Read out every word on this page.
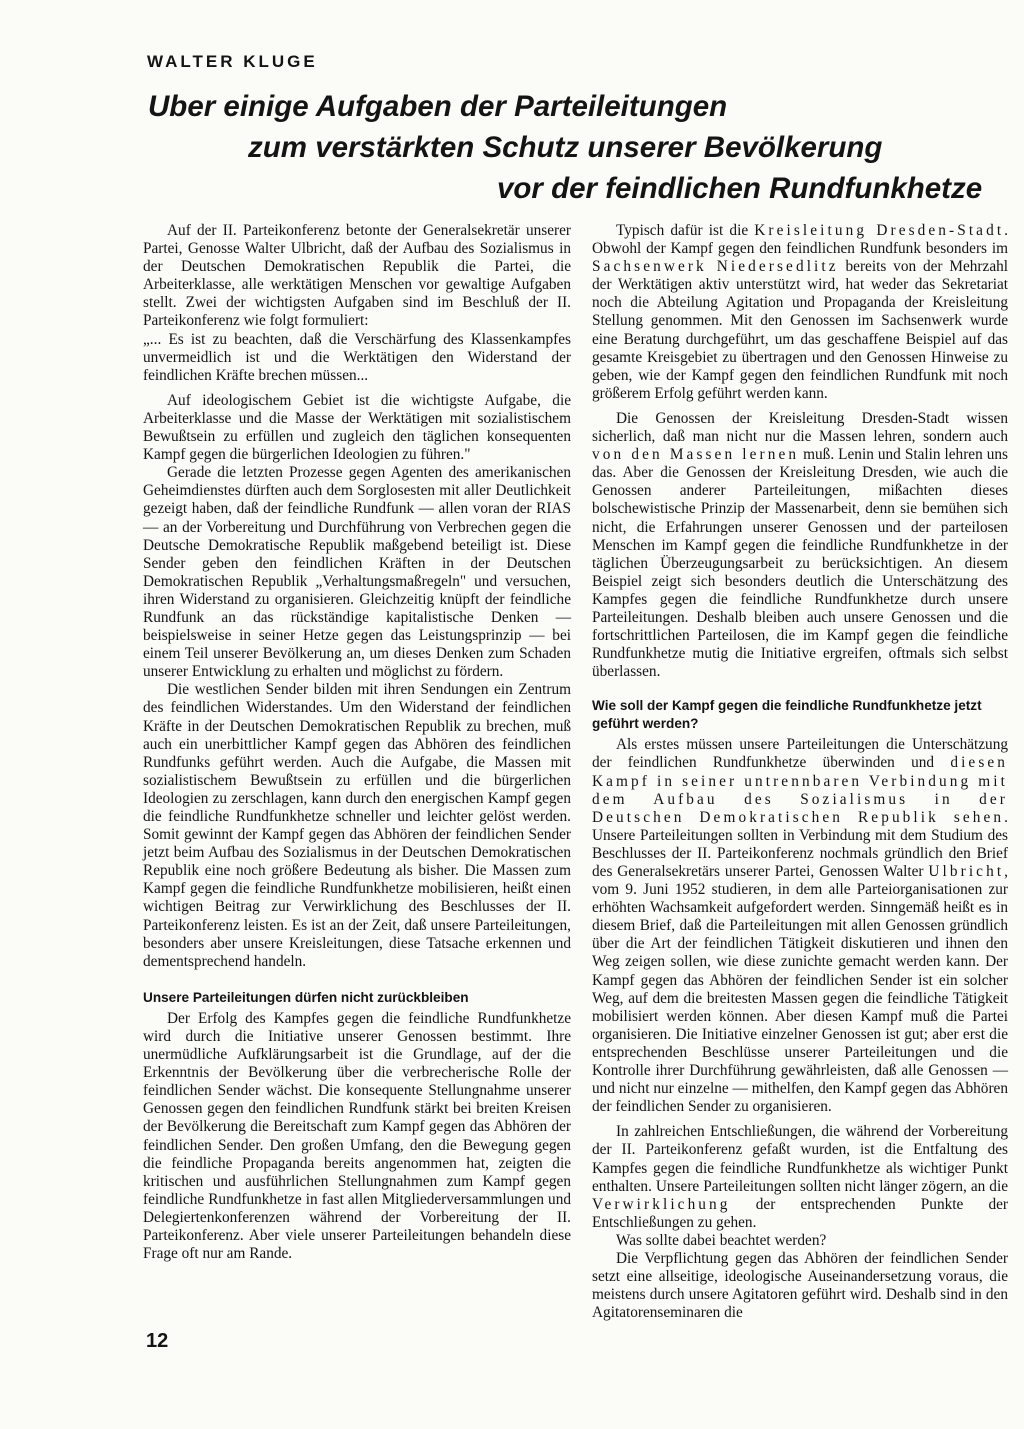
WALTER KLUGE
Uber einige Aufgaben der Parteileitungen
zum verstärkten Schutz unserer Bevölkerung
vor der feindlichen Rundfunkhetze

Auf der II. Parteikonferenz betonte der Generalsekretär unserer Partei, Genosse Walter Ulbricht, daß der Aufbau des Sozialismus in der Deutschen Demokratischen Republik die Partei, die Arbeiterklasse, alle werktätigen Menschen vor gewaltige Aufgaben stellt. Zwei der wichtigsten Aufgaben sind im Beschluß der II. Parteikonferenz wie folgt formuliert:

„... Es ist zu beachten, daß die Verschärfung des Klassenkampfes unvermeidlich ist und die Werktätigen den Widerstand der feindlichen Kräfte brechen müssen...

Auf ideologischem Gebiet ist die wichtigste Aufgabe, die Arbeiterklasse und die Masse der Werktätigen mit sozialistischem Bewußtsein zu erfüllen und zugleich den täglichen konsequenten Kampf gegen die bürgerlichen Ideologien zu führen."

Gerade die letzten Prozesse gegen Agenten des amerikanischen Geheimdienstes dürften auch dem Sorglosesten mit aller Deutlichkeit gezeigt haben, daß der feindliche Rundfunk — allen voran der RIAS — an der Vorbereitung und Durchführung von Verbrechen gegen die Deutsche Demokratische Republik maßgebend beteiligt ist. Diese Sender geben den feindlichen Kräften in der Deutschen Demokratischen Republik „Verhaltungsmaßregeln" und versuchen, ihren Widerstand zu organisieren. Gleichzeitig knüpft der feindliche Rundfunk an das rückständige kapitalistische Denken — beispielsweise in seiner Hetze gegen das Leistungsprinzip — bei einem Teil unserer Bevölkerung an, um dieses Denken zum Schaden unserer Entwicklung zu erhalten und möglichst zu fördern.

Die westlichen Sender bilden mit ihren Sendungen ein Zentrum des feindlichen Widerstandes. Um den Widerstand der feindlichen Kräfte in der Deutschen Demokratischen Republik zu brechen, muß auch ein unerbittlicher Kampf gegen das Abhören des feindlichen Rundfunks geführt werden. Auch die Aufgabe, die Massen mit sozialistischem Bewußtsein zu erfüllen und die bürgerlichen Ideologien zu zerschlagen, kann durch den energischen Kampf gegen die feindliche Rundfunkhetze schneller und leichter gelöst werden. Somit gewinnt der Kampf gegen das Abhören der feindlichen Sender jetzt beim Aufbau des Sozialismus in der Deutschen Demokratischen Republik eine noch größere Bedeutung als bisher. Die Massen zum Kampf gegen die feindliche Rundfunkhetze mobilisieren, heißt einen wichtigen Beitrag zur Verwirklichung des Beschlusses der II. Parteikonferenz leisten. Es ist an der Zeit, daß unsere Parteileitungen, besonders aber unsere Kreisleitungen, diese Tatsache erkennen und dementsprechend handeln.

Unsere Parteileitungen dürfen nicht zurückbleiben

Der Erfolg des Kampfes gegen die feindliche Rundfunkhetze wird durch die Initiative unserer Genossen bestimmt. Ihre unermüdliche Aufklärungsarbeit ist die Grundlage, auf der die Erkenntnis der Bevölkerung über die verbrecherische Rolle der feindlichen Sender wächst. Die konsequente Stellungnahme unserer Genossen gegen den feindlichen Rundfunk stärkt bei breiten Kreisen der Bevölkerung die Bereitschaft zum Kampf gegen das Abhören der feindlichen Sender. Den großen Umfang, den die Bewegung gegen die feindliche Propaganda bereits angenommen hat, zeigten die kritischen und ausführlichen Stellungnahmen zum Kampf gegen feindliche Rundfunkhetze in fast allen Mitgliederversammlungen und Delegiertenkonferenzen während der Vorbereitung der II. Parteikonferenz. Aber viele unserer Parteileitungen behandeln diese Frage oft nur am Rande.

Typisch dafür ist die Kreisleitung Dresden-Stadt. Obwohl der Kampf gegen den feindlichen Rundfunk besonders im Sachsenwerk Niedersedlitz bereits von der Mehrzahl der Werktätigen aktiv unterstützt wird, hat weder das Sekretariat noch die Abteilung Agitation und Propaganda der Kreisleitung Stellung genommen. Mit den Genossen im Sachsenwerk wurde eine Beratung durchgeführt, um das geschaffene Beispiel auf das gesamte Kreisgebiet zu übertragen und den Genossen Hinweise zu geben, wie der Kampf gegen den feindlichen Rundfunk mit noch größerem Erfolg geführt werden kann.

Die Genossen der Kreisleitung Dresden-Stadt wissen sicherlich, daß man nicht nur die Massen lehren, sondern auch von den Massen lernen muß. Lenin und Stalin lehren uns das. Aber die Genossen der Kreisleitung Dresden, wie auch die Genossen anderer Parteileitungen, mißachten dieses bolschewistische Prinzip der Massenarbeit, denn sie bemühen sich nicht, die Erfahrungen unserer Genossen und der parteilosen Menschen im Kampf gegen die feindliche Rundfunkhetze in der täglichen Überzeugungsarbeit zu berücksichtigen. An diesem Beispiel zeigt sich besonders deutlich die Unterschätzung des Kampfes gegen die feindliche Rundfunkhetze durch unsere Parteileitungen. Deshalb bleiben auch unsere Genossen und die fortschrittlichen Parteilosen, die im Kampf gegen die feindliche Rundfunkhetze mutig die Initiative ergreifen, oftmals sich selbst überlassen.

Wie soll der Kampf gegen die feindliche Rundfunkhetze jetzt geführt werden?

Als erstes müssen unsere Parteileitungen die Unterschätzung der feindlichen Rundfunkhetze überwinden und diesen Kampf in seiner untrennbaren Verbindung mit dem Aufbau des Sozialismus in der Deutschen Demokratischen Republik sehen. Unsere Parteileitungen sollten in Verbindung mit dem Studium des Beschlusses der II. Parteikonferenz nochmals gründlich den Brief des Generalsekretärs unserer Partei, Genossen Walter Ulbricht, vom 9. Juni 1952 studieren, in dem alle Parteiorganisationen zur erhöhten Wachsamkeit aufgefordert werden. Sinngemäß heißt es in diesem Brief, daß die Parteileitungen mit allen Genossen gründlich über die Art der feindlichen Tätigkeit diskutieren und ihnen den Weg zeigen sollen, wie diese zunichte gemacht werden kann. Der Kampf gegen das Abhören der feindlichen Sender ist ein solcher Weg, auf dem die breitesten Massen gegen die feindliche Tätigkeit mobilisiert werden können. Aber diesen Kampf muß die Partei organisieren. Die Initiative einzelner Genossen ist gut; aber erst die entsprechenden Beschlüsse unserer Parteileitungen und die Kontrolle ihrer Durchführung gewährleisten, daß alle Genossen — und nicht nur einzelne — mithelfen, den Kampf gegen das Abhören der feindlichen Sender zu organisieren.

In zahlreichen Entschließungen, die während der Vorbereitung der II. Parteikonferenz gefaßt wurden, ist die Entfaltung des Kampfes gegen die feindliche Rundfunkhetze als wichtiger Punkt enthalten. Unsere Parteileitungen sollten nicht länger zögern, an die Verwirklichung der entsprechenden Punkte der Entschließungen zu gehen.

Was sollte dabei beachtet werden?

Die Verpflichtung gegen das Abhören der feindlichen Sender setzt eine allseitige, ideologische Auseinandersetzung voraus, die meistens durch unsere Agitatoren geführt wird. Deshalb sind in den Agitatorenseminaren die

12
